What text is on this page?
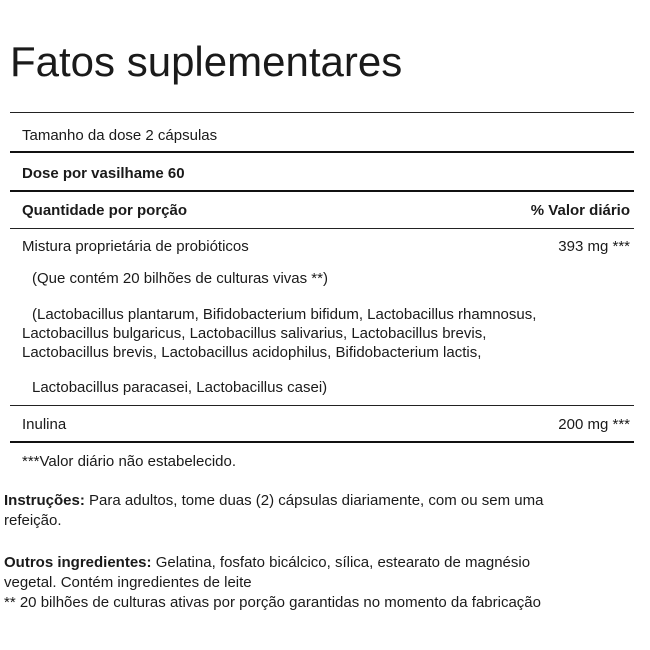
Fatos suplementares
Tamanho da dose 2 cápsulas
Dose por vasilhame 60
Quantidade por porção	% Valor diário
Mistura proprietária de probióticos	393 mg ***
(Que contém 20 bilhões de culturas vivas **)
(Lactobacillus plantarum, Bifidobacterium bifidum, Lactobacillus rhamnosus,
Lactobacillus bulgaricus, Lactobacillus salivarius, Lactobacillus brevis,
Lactobacillus brevis, Lactobacillus acidophilus, Bifidobacterium lactis,
Lactobacillus paracasei, Lactobacillus casei)
Inulina	200 mg ***
***Valor diário não estabelecido.
Instruções: Para adultos, tome duas (2) cápsulas diariamente, com ou sem uma
refeição.
Outros ingredientes: Gelatina, fosfato bicálcico, sílica, estearato de magnésio
vegetal. Contém ingredientes de leite
** 20 bilhões de culturas ativas por porção garantidas no momento da fabricação
